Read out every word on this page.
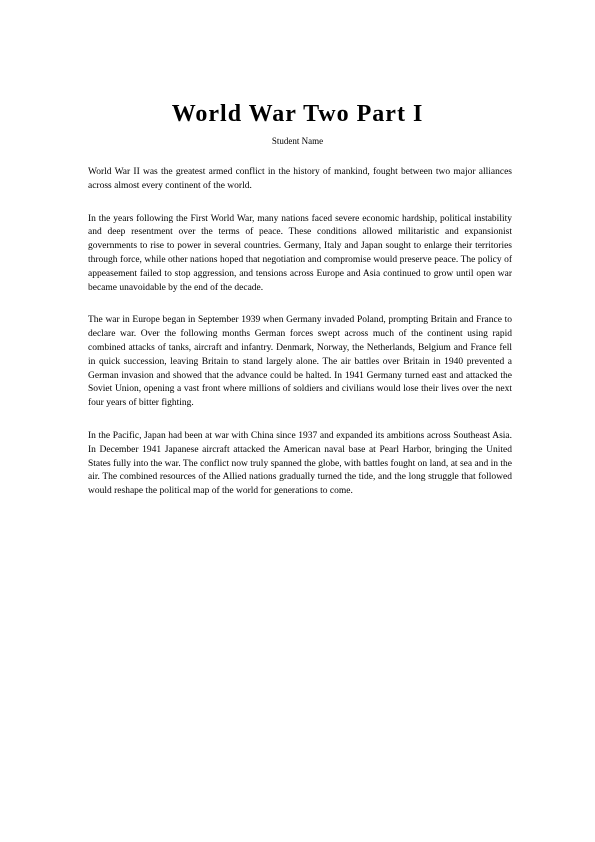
World War Two Part I
Student Name

World War II was the greatest armed conflict in the history of mankind, fought between two major alliances across almost every continent of the world.

In the years following the First World War, many nations faced severe economic hardship, political instability and deep resentment over the terms of peace. These conditions allowed militaristic and expansionist governments to rise to power in several countries. Germany, Italy and Japan sought to enlarge their territories through force, while other nations hoped that negotiation and compromise would preserve peace. The policy of appeasement failed to stop aggression, and tensions across Europe and Asia continued to grow until open war became unavoidable by the end of the decade.

The war in Europe began in September 1939 when Germany invaded Poland, prompting Britain and France to declare war. Over the following months German forces swept across much of the continent using rapid combined attacks of tanks, aircraft and infantry. Denmark, Norway, the Netherlands, Belgium and France fell in quick succession, leaving Britain to stand largely alone. The air battles over Britain in 1940 prevented a German invasion and showed that the advance could be halted. In 1941 Germany turned east and attacked the Soviet Union, opening a vast front where millions of soldiers and civilians would lose their lives over the next four years of bitter fighting.

In the Pacific, Japan had been at war with China since 1937 and expanded its ambitions across Southeast Asia. In December 1941 Japanese aircraft attacked the American naval base at Pearl Harbor, bringing the United States fully into the war. The conflict now truly spanned the globe, with battles fought on land, at sea and in the air. The combined resources of the Allied nations gradually turned the tide, and the long struggle that followed would reshape the political map of the world for generations to come.
